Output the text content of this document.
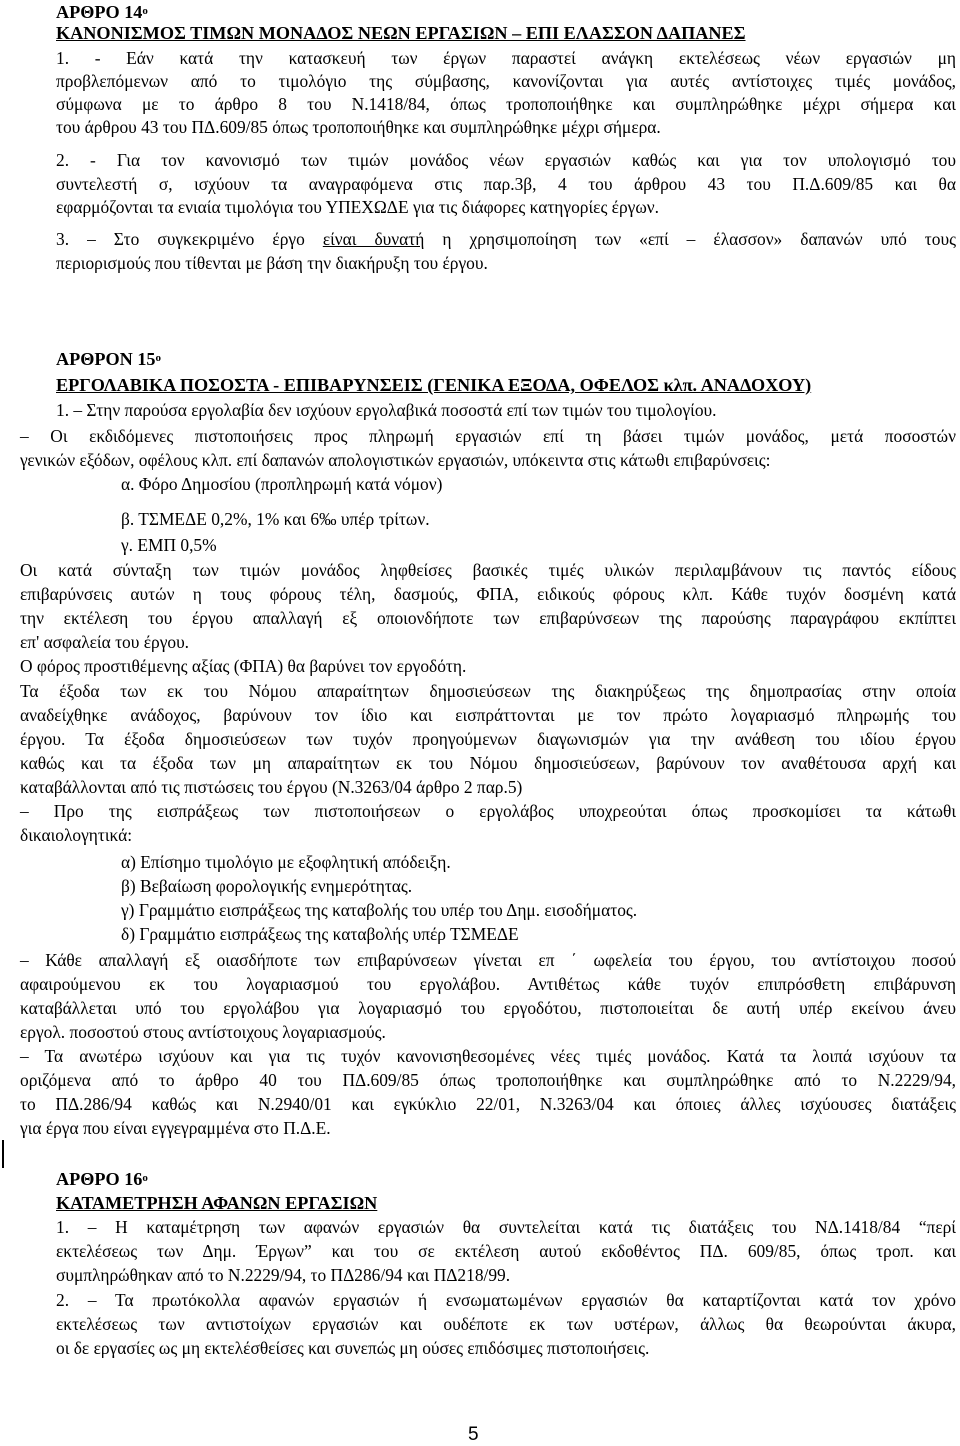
ΑΡΘΡΟ $14^o$
ΚΑΝΟΝΙΣΜΟΣ ΤΙΜΩΝ ΜΟΝΑΔΟΣ ΝΕΩΝ ΕΡΓΑΣΙΩΝ – ΕΠΙ ΕΛΑΣΣΟΝ ΔΑΠΑΝΕΣ
1. - Εάν κατά την κατασκευή των έργων παραστεί ανάγκη εκτελέσεως νέων εργασιών μη
προβλεπόμενων από το τιμολόγιο της σύμβασης, κανονίζονται για αυτές αντίστοιχες τιμές μονάδος,
σύμφωνα με το άρθρο 8 του Ν.1418/84, όπως τροποποιήθηκε και συμπληρώθηκε μέχρι σήμερα και
του άρθρου 43 του ΠΔ.609/85 όπως τροποποιήθηκε και συμπληρώθηκε μέχρι σήμερα.
2. - Για τον κανονισμό των τιμών μονάδος νέων εργασιών καθώς και για τον υπολογισμό του
συντελεστή σ, ισχύουν τα αναγραφόμενα στις παρ.3β, 4 του άρθρου 43 του Π.Δ.609/85 και θα
εφαρμόζονται τα ενιαία τιμολόγια του ΥΠΕΧΩΔΕ για τις διάφορες κατηγορίες έργων.
3. – Στο συγκεκριμένο έργο είναι δυνατή η χρησιμοποίηση των «επί – έλασσον» δαπανών υπό τους
περιορισμούς που τίθενται με βάση την διακήρυξη του έργου.
ΑΡΘΡΟΝ $15^o$
ΕΡΓΟΛΑΒΙΚΑ ΠΟΣΟΣΤΑ - ΕΠΙΒΑΡΥΝΣΕΙΣ (ΓΕΝΙΚΑ ΕΞΟΔΑ, ΟΦΕΛΟΣ κλπ. ΑΝΑΔΟΧΟΥ)
1. – Στην παρούσα εργολαβία δεν ισχύουν εργολαβικά ποσοστά επί των τιμών του τιμολογίου.
– Οι εκδιδόμενες πιστοποιήσεις προς πληρωμή εργασιών επί τη βάσει τιμών μονάδος, μετά ποσοστών
γενικών εξόδων, οφέλους κλπ. επί δαπανών απολογιστικών εργασιών, υπόκειντα στις κάτωθι επιβαρύνσεις:
α. Φόρο Δημοσίου (προπληρωμή κατά νόμον)
β. ΤΣΜΕΔΕ 0,2%, 1% και 6‰ υπέρ τρίτων.
γ. ΕΜΠ 0,5%
Οι κατά σύνταξη των τιμών μονάδος ληφθείσες βασικές τιμές υλικών περιλαμβάνουν τις παντός είδους
επιβαρύνσεις αυτών η τους φόρους τέλη, δασμούς, ΦΠΑ, ειδικούς φόρους κλπ. Κάθε τυχόν δοσμένη κατά
την εκτέλεση του έργου απαλλαγή εξ οποιονδήποτε των επιβαρύνσεων της παρούσης παραγράφου εκπίπτει
επ' ασφαλεία του έργου.
Ο φόρος προστιθέμενης αξίας (ΦΠΑ) θα βαρύνει τον εργοδότη.
Τα έξοδα των εκ του Νόμου απαραίτητων δημοσιεύσεων της διακηρύξεως της δημοπρασίας στην οποία
αναδείχθηκε ανάδοχος, βαρύνουν τον ίδιο και εισπράττονται με τον πρώτο λογαριασμό πληρωμής του
έργου. Τα έξοδα δημοσιεύσεων των τυχόν προηγούμενων διαγωνισμών για την ανάθεση του ιδίου έργου
καθώς και τα έξοδα των μη απαραίτητων εκ του Νόμου δημοσιεύσεων, βαρύνουν τον αναθέτουσα αρχή και
καταβάλλονται από τις πιστώσεις του έργου (Ν.3263/04 άρθρο 2 παρ.5)
– Προ της εισπράξεως των πιστοποιήσεων ο εργολάβος υποχρεούται όπως προσκομίσει τα κάτωθι
δικαιολογητικά:
α) Επίσημο τιμολόγιο με εξοφλητική απόδειξη.
β) Βεβαίωση φορολογικής ενημερότητας.
γ) Γραμμάτιο εισπράξεως της καταβολής του υπέρ του Δημ. εισοδήματος.
δ) Γραμμάτιο εισπράξεως της καταβολής υπέρ ΤΣΜΕΔΕ
– Κάθε απαλλαγή εξ οιασδήποτε των επιβαρύνσεων γίνεται επ ΄ ωφελεία του έργου, του αντίστοιχου ποσού
αφαιρούμενου εκ του λογαριασμού του εργολάβου. Αντιθέτως κάθε τυχόν επιπρόσθετη επιβάρυνση
καταβάλλεται υπό του εργολάβου για λογαριασμό του εργοδότου, πιστοποιείται δε αυτή υπέρ εκείνου άνευ
εργολ. ποσοστού στους αντίστοιχους λογαριασμούς.
– Τα ανωτέρω ισχύουν και για τις τυχόν κανονισηθεσομένες νέες τιμές μονάδος. Κατά τα λοιπά ισχύουν τα
οριζόμενα από το άρθρο 40 του ΠΔ.609/85 όπως τροποποιήθηκε και συμπληρώθηκε από το Ν.2229/94,
το ΠΔ.286/94 καθώς και Ν.2940/01 και εγκύκλιο 22/01, Ν.3263/04 και όποιες άλλες ισχύουσες διατάξεις
για έργα που είναι εγγεγραμμένα στο Π.Δ.Ε.
ΑΡΘΡΟ $16^o$
ΚΑΤΑΜΕΤΡΗΣΗ ΑΦΑΝΩΝ ΕΡΓΑΣΙΩΝ
1. – Η καταμέτρηση των αφανών εργασιών θα συντελείται κατά τις διατάξεις του ΝΔ.1418/84 “περί
εκτελέσεως των Δημ. Έργων” και του σε εκτέλεση αυτού εκδοθέντος ΠΔ. 609/85, όπως τροπ. και
συμπληρώθηκαν από το Ν.2229/94, το ΠΔ286/94 και ΠΔ218/99.
2. – Τα πρωτόκολλα αφανών εργασιών ή ενσωματωμένων εργασιών θα καταρτίζονται κατά τον χρόνο
εκτελέσεως των αντιστοίχων εργασιών και ουδέποτε εκ των υστέρων, άλλως θα θεωρούνται άκυρα,
οι δε εργασίες ως μη εκτελέσθείσες και συνεπώς μη ούσες επιδόσιμες πιστοποιήσεις.
5
